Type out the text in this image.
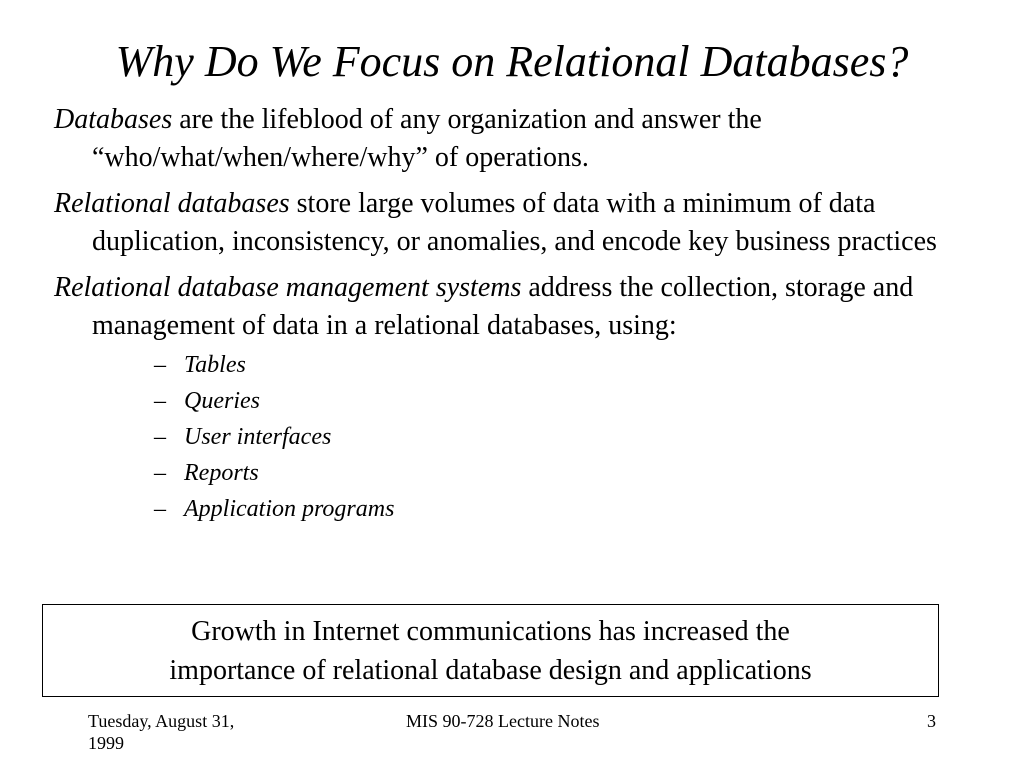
Why Do We Focus on Relational Databases?
Databases are the lifeblood of any organization and answer the “who/what/when/where/why” of operations.
Relational databases store large volumes of data with a minimum of data duplication, inconsistency, or anomalies, and encode key business practices
Relational database management systems address the collection, storage and management of data in a relational databases, using:
– Tables
– Queries
– User interfaces
– Reports
– Application programs
Growth in Internet communications has increased the
importance of relational database design and applications
Tuesday, August 31,
1999
MIS 90-728 Lecture Notes	3
